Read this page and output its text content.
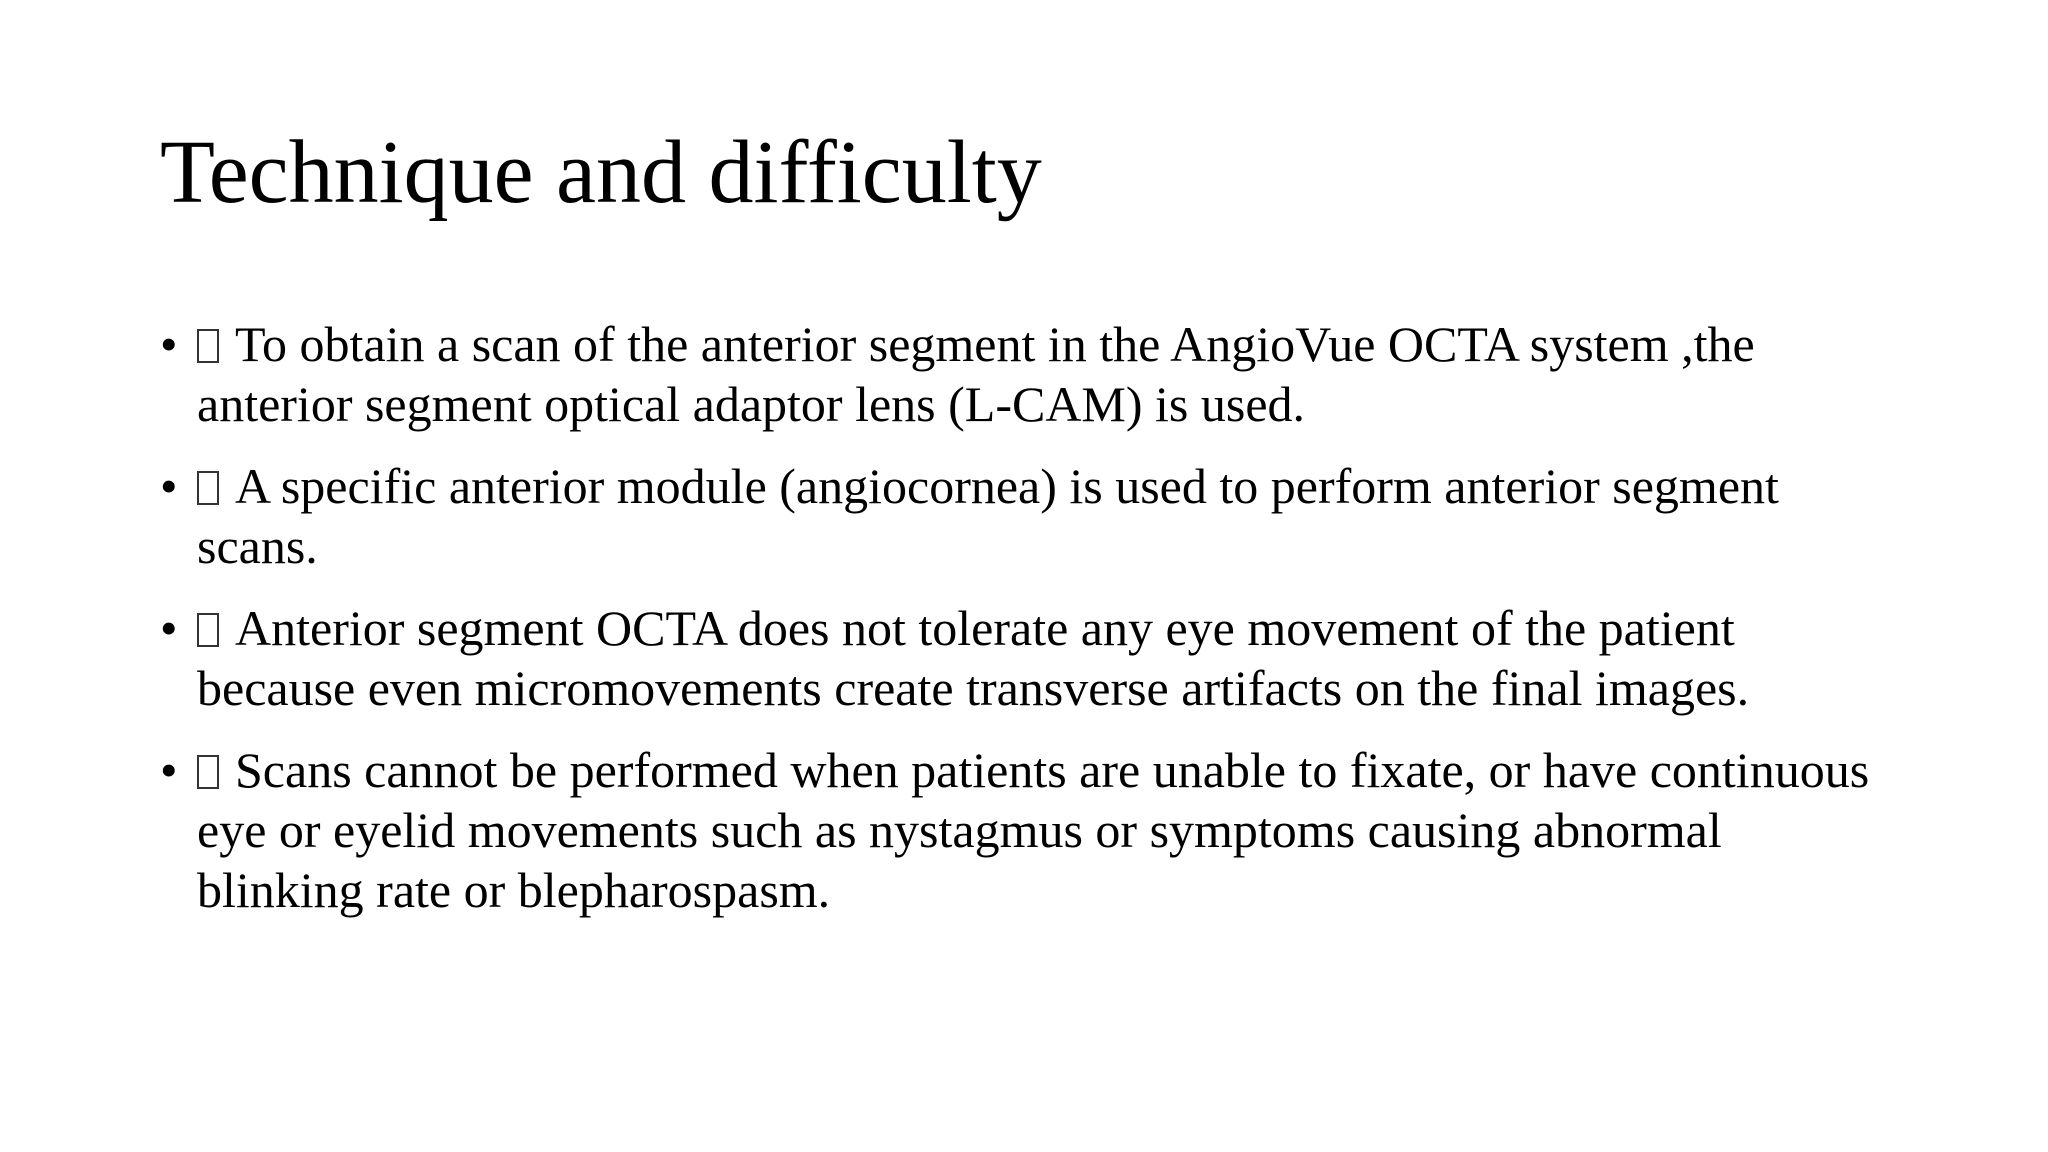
Technique and difficulty
• To obtain a scan of the anterior segment in the AngioVue OCTA system ,the anterior segment optical adaptor lens (L-CAM) is used.
• A specific anterior module (angiocornea) is used to perform anterior segment scans.
• Anterior segment OCTA does not tolerate any eye movement of the patient because even micromovements create transverse artifacts on the final images.
• Scans cannot be performed when patients are unable to fixate, or have continuous eye or eyelid movements such as nystagmus or symptoms causing abnormal blinking rate or blepharospasm.
